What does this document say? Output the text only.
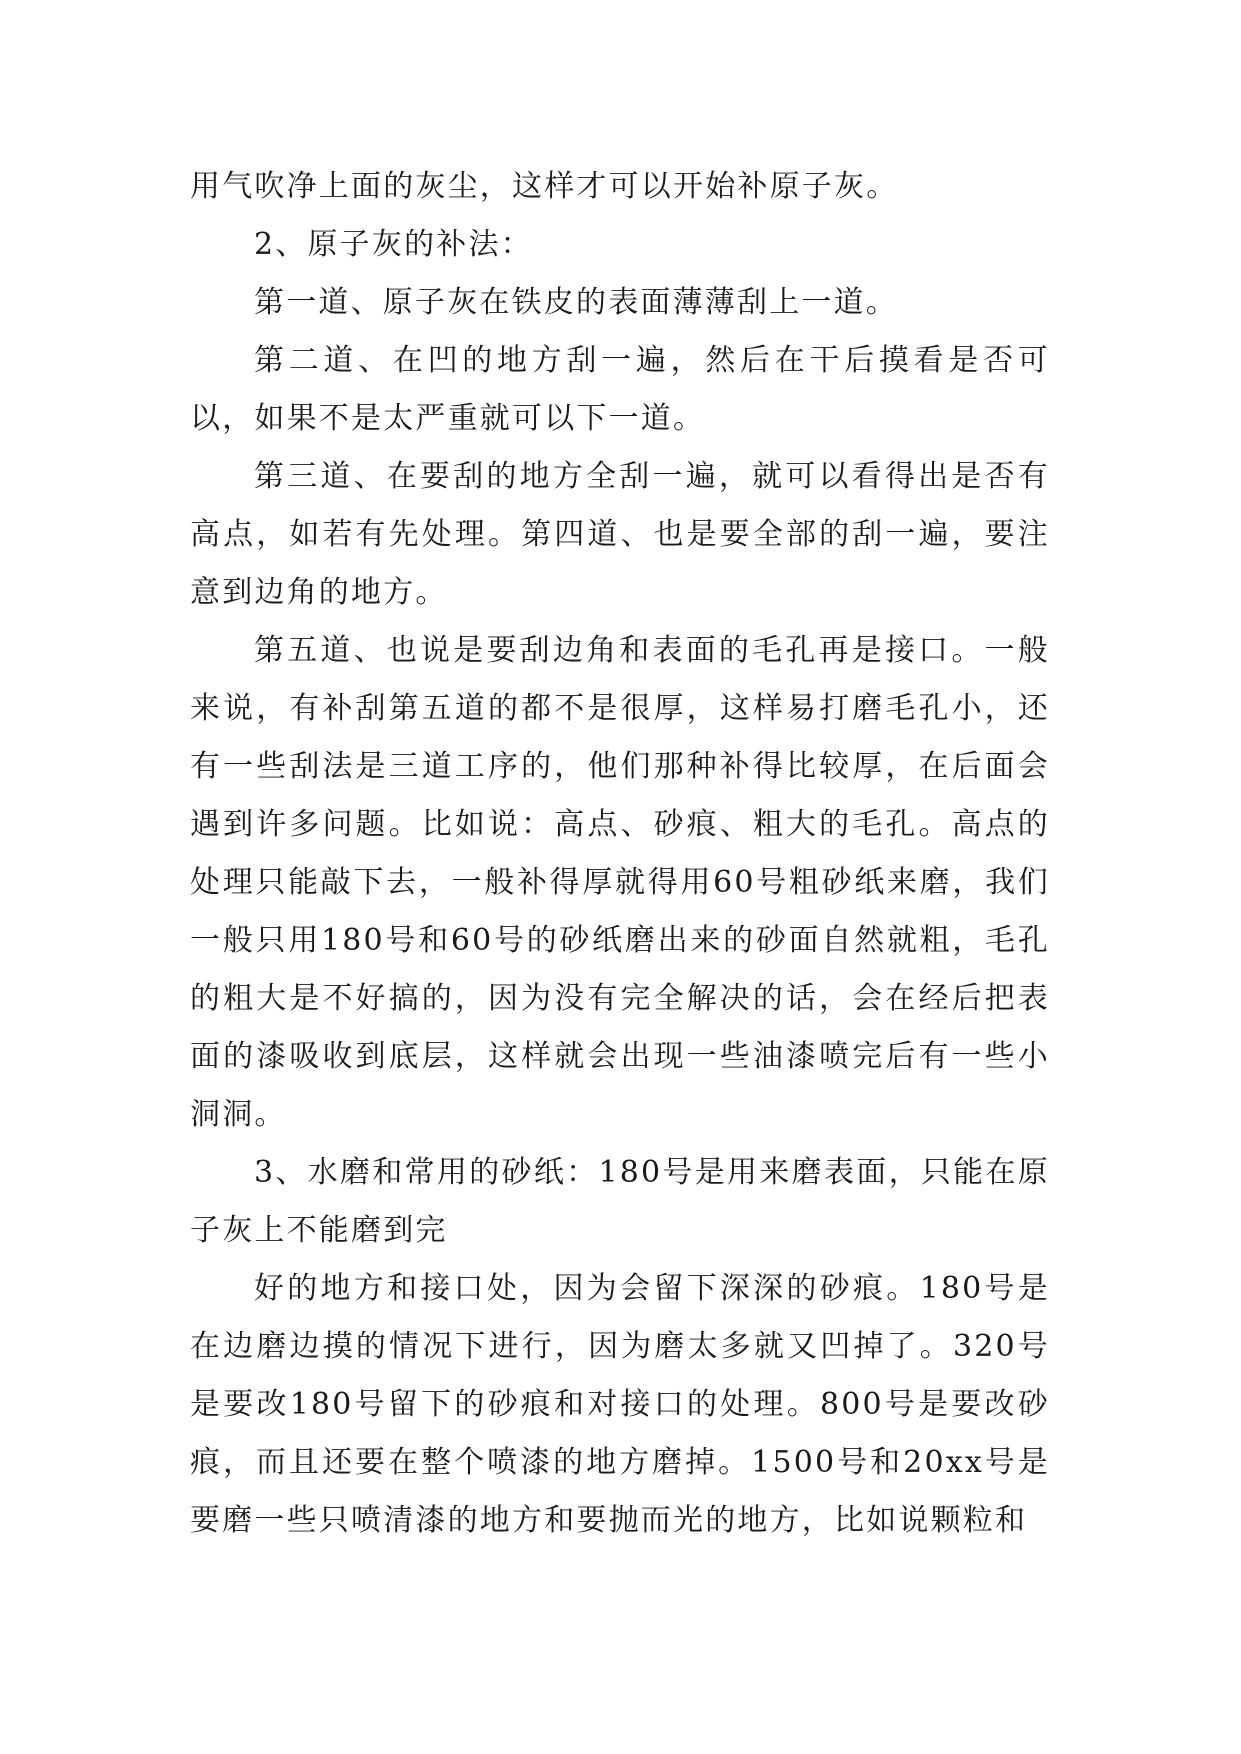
用气吹净上面的灰尘，这样才可以开始补原子灰。

2、原子灰的补法：

第一道、原子灰在铁皮的表面薄薄刮上一道。

第二道、在凹的地方刮一遍，然后在干后摸看是否可以，如果不是太严重就可以下一道。

第三道、在要刮的地方全刮一遍，就可以看得出是否有高点，如若有先处理。第四道、也是要全部的刮一遍，要注意到边角的地方。

第五道、也说是要刮边角和表面的毛孔再是接口。一般来说，有补刮第五道的都不是很厚，这样易打磨毛孔小，还有一些刮法是三道工序的，他们那种补得比较厚，在后面会遇到许多问题。比如说：高点、砂痕、粗大的毛孔。高点的处理只能敲下去，一般补得厚就得用60号粗砂纸来磨，我们一般只用180号和60号的砂纸磨出来的砂面自然就粗，毛孔的粗大是不好搞的，因为没有完全解决的话，会在经后把表面的漆吸收到底层，这样就会出现一些油漆喷完后有一些小洞洞。

3、水磨和常用的砂纸：180号是用来磨表面，只能在原子灰上不能磨到完

好的地方和接口处，因为会留下深深的砂痕。180号是在边磨边摸的情况下进行，因为磨太多就又凹掉了。320号是要改180号留下的砂痕和对接口的处理。800号是要改砂痕，而且还要在整个喷漆的地方磨掉。1500号和20xx号是要磨一些只喷清漆的地方和要抛而光的地方，比如说颗粒和
